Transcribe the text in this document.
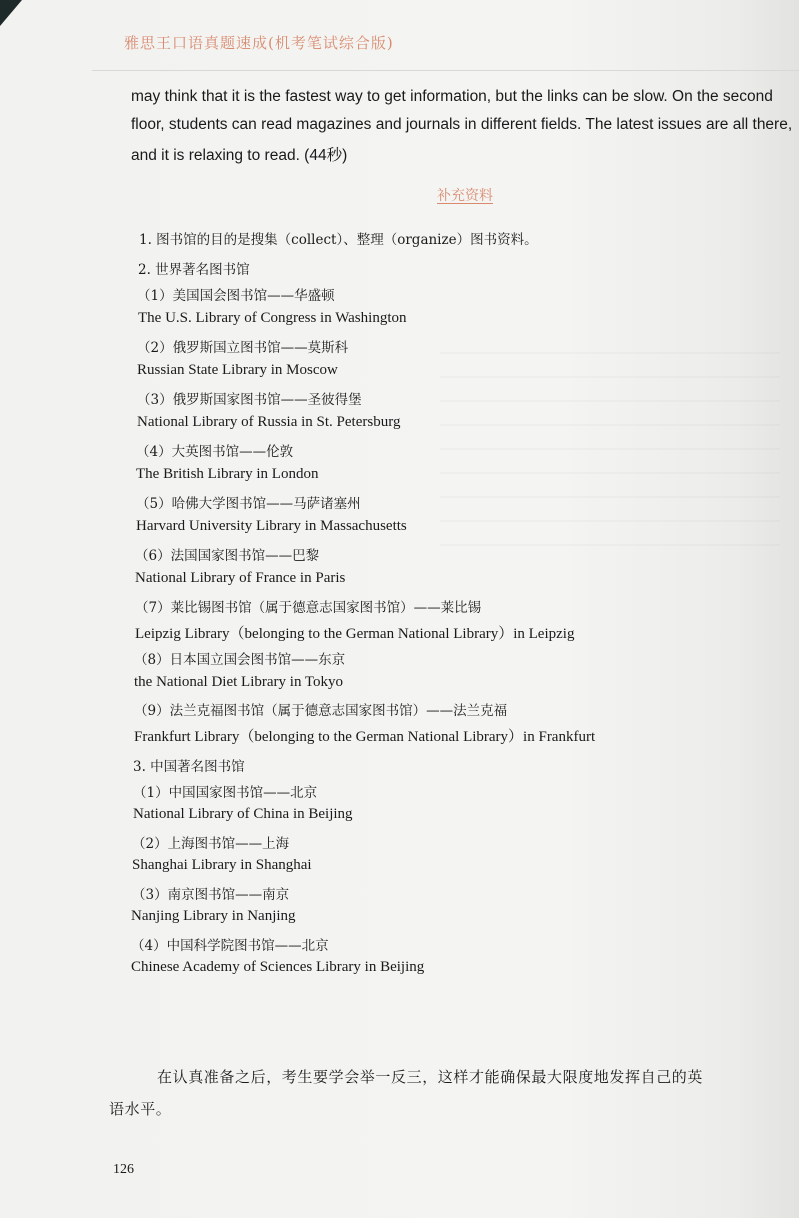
雅思王口语真题速成(机考笔试综合版)
may think that it is the fastest way to get information, but the links can be slow. On the second
floor, students can read magazines and journals in different fields. The latest issues are all there,
and it is relaxing to read. (44秒)
补充资料
1. 图书馆的目的是搜集（collect）、整理（organize）图书资料。
2. 世界著名图书馆
（1）美国国会图书馆——华盛顿
The U.S. Library of Congress in Washington
（2）俄罗斯国立图书馆——莫斯科
Russian State Library in Moscow
（3）俄罗斯国家图书馆——圣彼得堡
National Library of Russia in St. Petersburg
（4）大英图书馆——伦敦
The British Library in London
（5）哈佛大学图书馆——马萨诸塞州
Harvard University Library in Massachusetts
（6）法国国家图书馆——巴黎
National Library of France in Paris
（7）莱比锡图书馆（属于德意志国家图书馆）——莱比锡
Leipzig Library（belonging to the German National Library）in Leipzig
（8）日本国立国会图书馆——东京
the National Diet Library in Tokyo
（9）法兰克福图书馆（属于德意志国家图书馆）——法兰克福
Frankfurt Library（belonging to the German National Library）in Frankfurt
3. 中国著名图书馆
（1）中国国家图书馆——北京
National Library of China in Beijing
（2）上海图书馆——上海
Shanghai Library in Shanghai
（3）南京图书馆——南京
Nanjing Library in Nanjing
（4）中国科学院图书馆——北京
Chinese Academy of Sciences Library in Beijing
在认真准备之后，考生要学会举一反三，这样才能确保最大限度地发挥自己的英
语水平。
126
